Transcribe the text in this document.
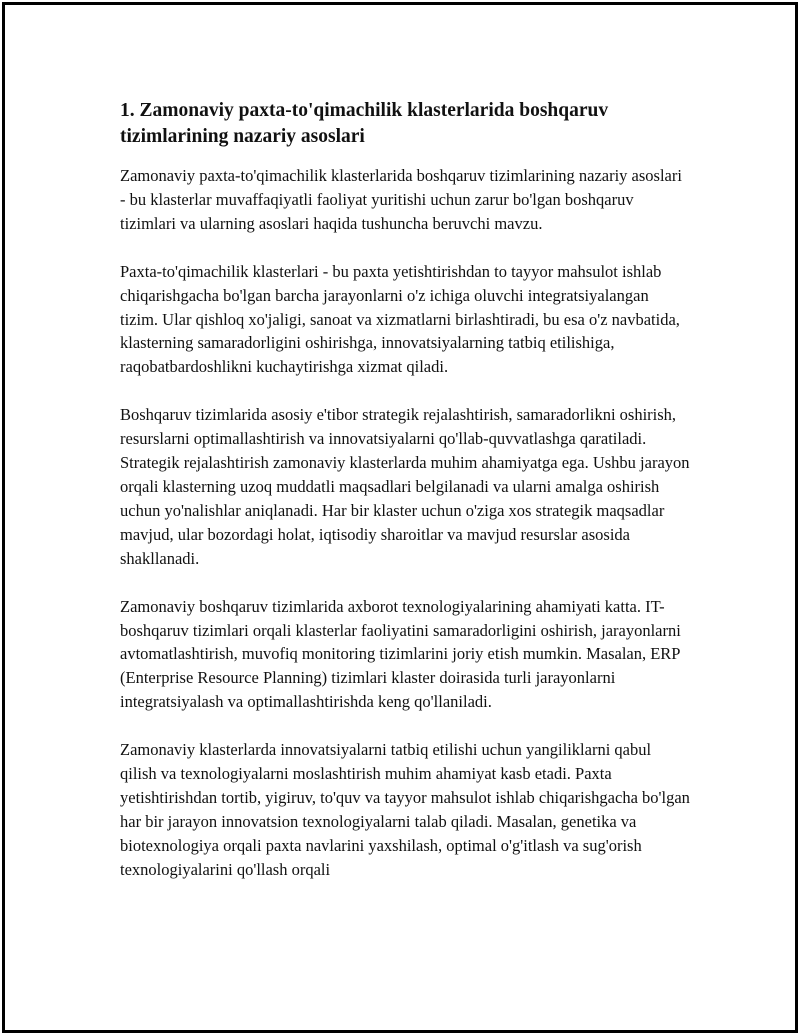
1. Zamonaviy paxta-to'qimachilik klasterlarida boshqaruv tizimlarining nazariy asoslari

Zamonaviy paxta-to'qimachilik klasterlarida boshqaruv tizimlarining nazariy asoslari - bu klasterlar muvaffaqiyatli faoliyat yuritishi uchun zarur bo'lgan boshqaruv tizimlari va ularning asoslari haqida tushuncha beruvchi mavzu.

Paxta-to'qimachilik klasterlari - bu paxta yetishtirishdan to tayyor mahsulot ishlab chiqarishgacha bo'lgan barcha jarayonlarni o'z ichiga oluvchi integratsiyalangan tizim. Ular qishloq xo'jaligi, sanoat va xizmatlarni birlashtiradi, bu esa o'z navbatida, klasterning samaradorligini oshirishga, innovatsiyalarning tatbiq etilishiga, raqobatbardoshlikni kuchaytirishga xizmat qiladi.

Boshqaruv tizimlarida asosiy e'tibor strategik rejalashtirish, samaradorlikni oshirish, resurslarni optimallashtirish va innovatsiyalarni qo'llab-quvvatlashga qaratiladi. Strategik rejalashtirish zamonaviy klasterlarda muhim ahamiyatga ega. Ushbu jarayon orqali klasterning uzoq muddatli maqsadlari belgilanadi va ularni amalga oshirish uchun yo'nalishlar aniqlanadi. Har bir klaster uchun o'ziga xos strategik maqsadlar mavjud, ular bozordagi holat, iqtisodiy sharoitlar va mavjud resurslar asosida shakllanadi.

Zamonaviy boshqaruv tizimlarida axborot texnologiyalarining ahamiyati katta. IT-boshqaruv tizimlari orqali klasterlar faoliyatini samaradorligini oshirish, jarayonlarni avtomatlashtirish, muvofiq monitoring tizimlarini joriy etish mumkin. Masalan, ERP (Enterprise Resource Planning) tizimlari klaster doirasida turli jarayonlarni integratsiyalash va optimallashtirishda keng qo'llaniladi.

Zamonaviy klasterlarda innovatsiyalarni tatbiq etilishi uchun yangiliklarni qabul qilish va texnologiyalarni moslashtirish muhim ahamiyat kasb etadi. Paxta yetishtirishdan tortib, yigiruv, to'quv va tayyor mahsulot ishlab chiqarishgacha bo'lgan har bir jarayon innovatsion texnologiyalarni talab qiladi. Masalan, genetika va biotexnologiya orqali paxta navlarini yaxshilash, optimal o'g'itlash va sug'orish texnologiyalarini qo'llash orqali
